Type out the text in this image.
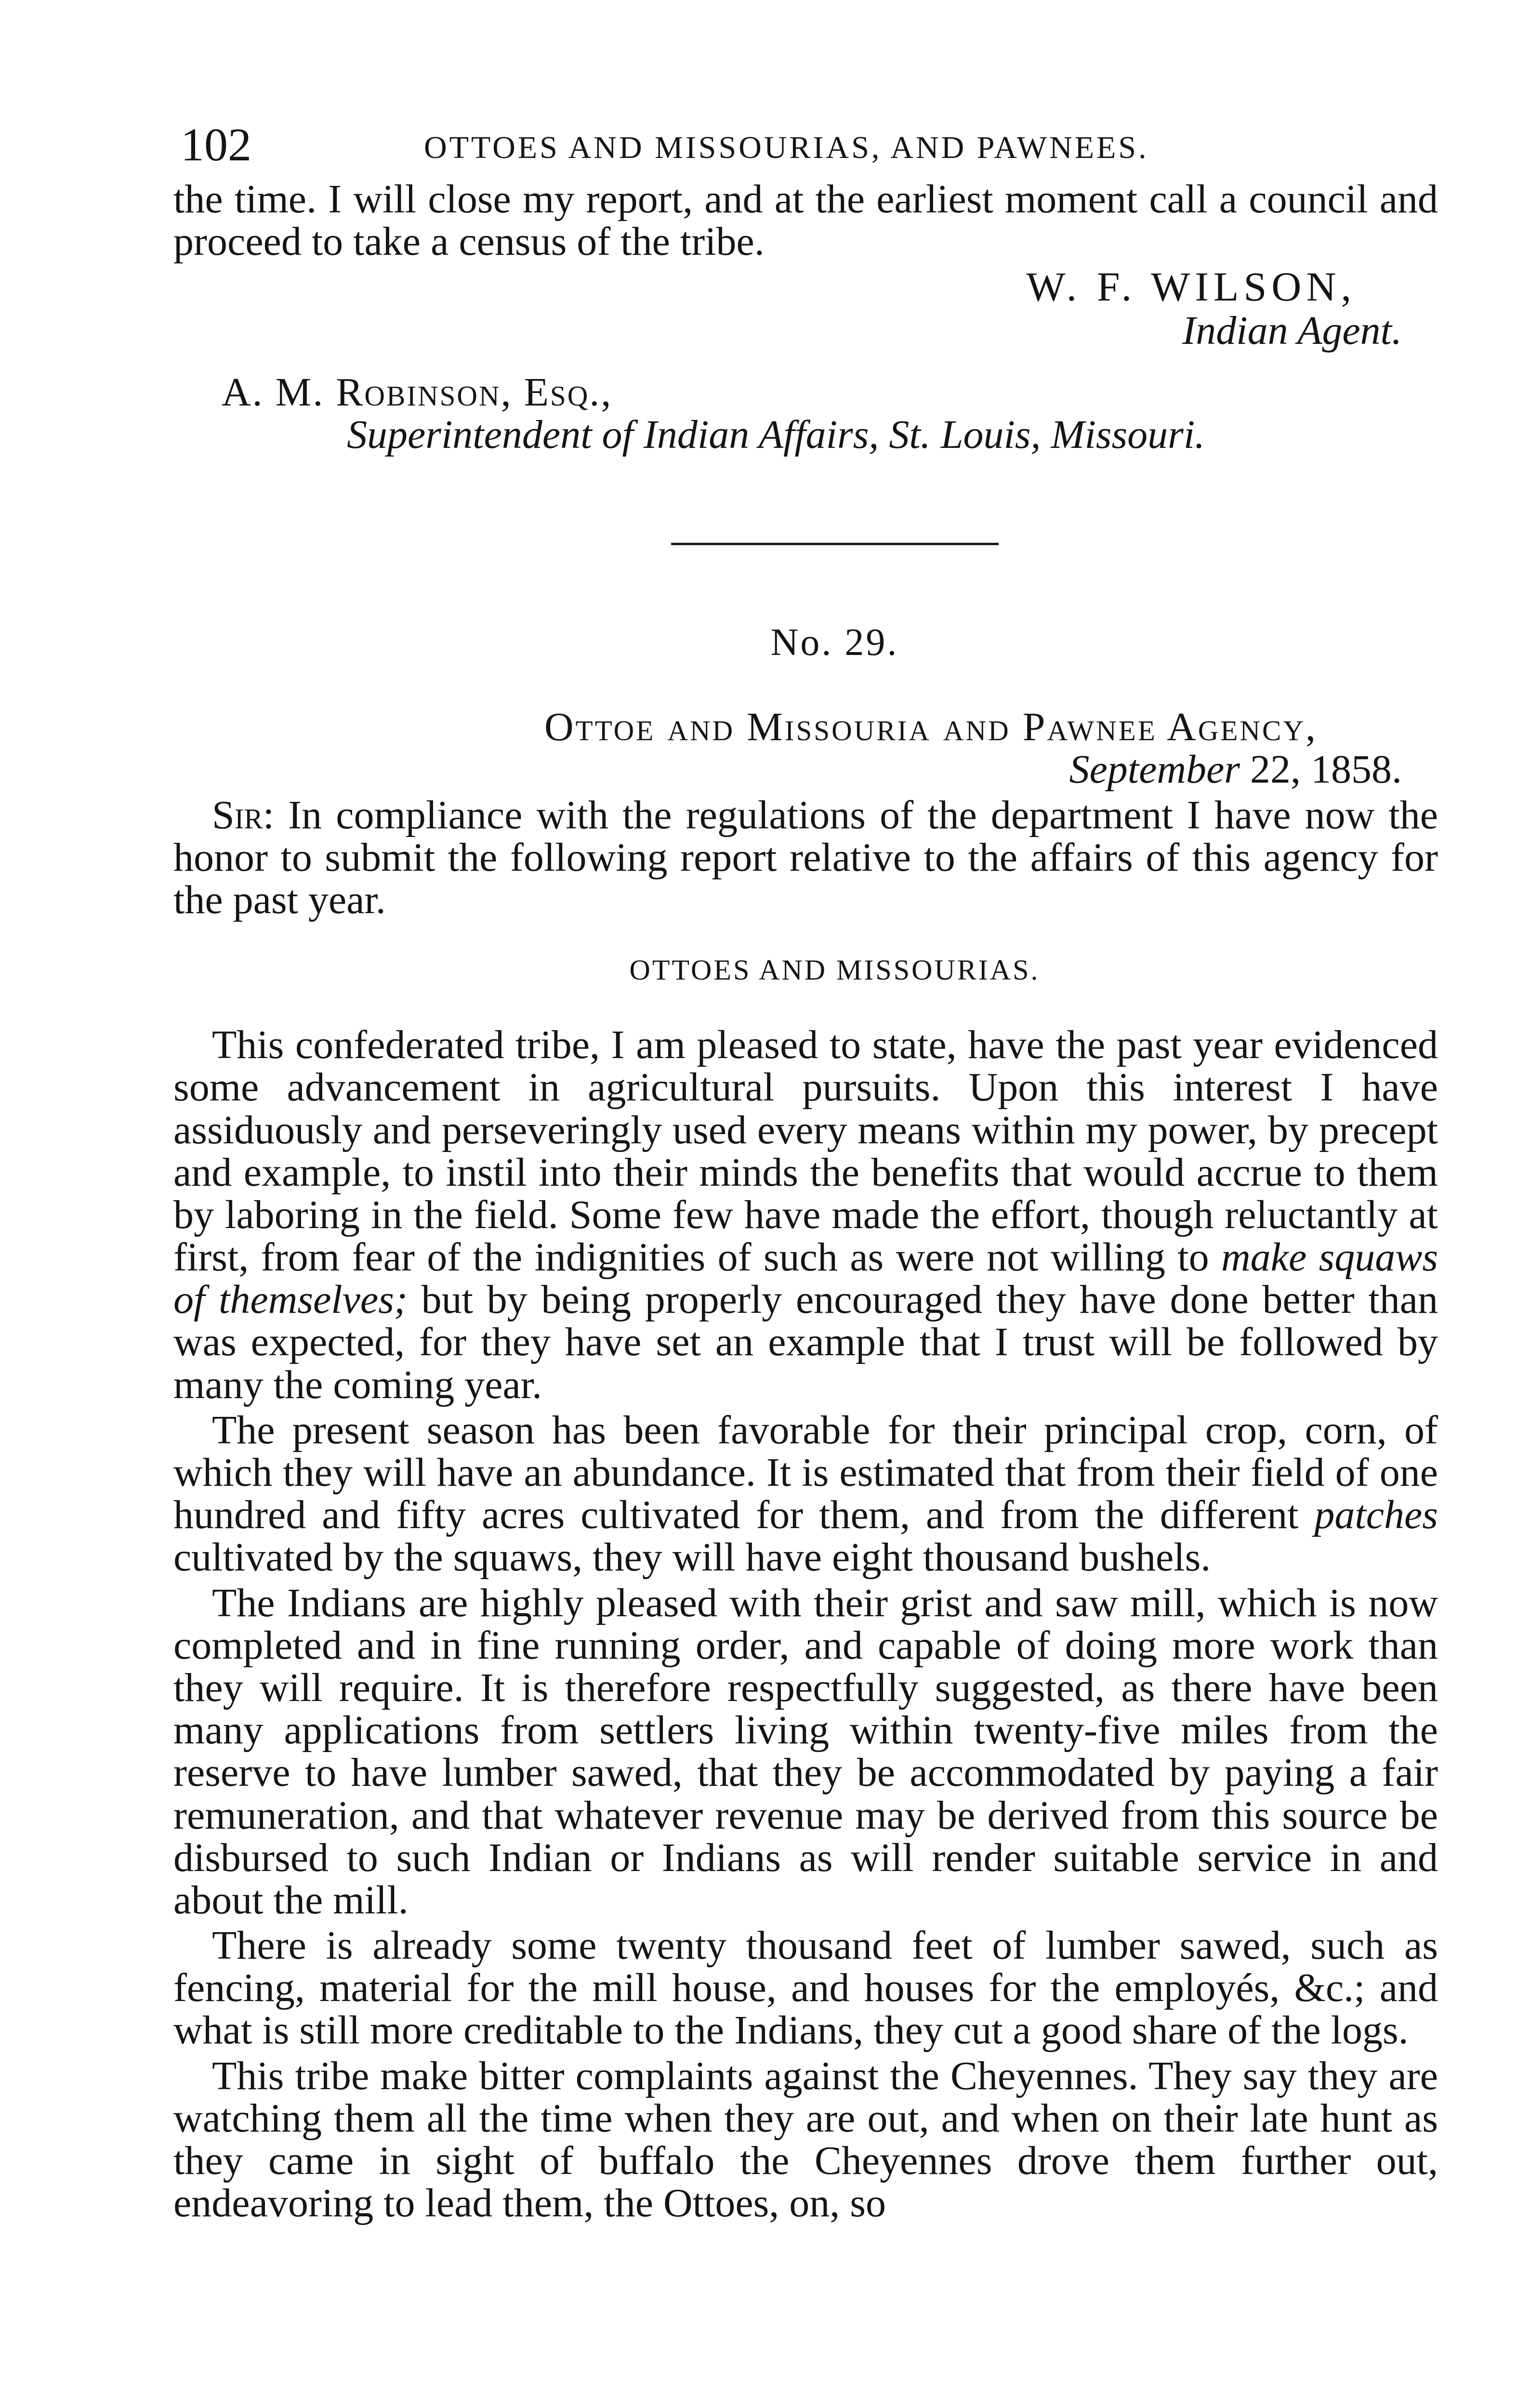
102	OTTOES AND MISSOURIAS, AND PAWNEES.

the time. I will close my report, and at the earliest moment call a council and proceed to take a census of the tribe.

W. F. WILSON,
Indian Agent.
A. M. Robinson, Esq.,
Superintendent of Indian Affairs, St. Louis, Missouri.
No. 29.
Ottoe and Missouria and Pawnee Agency,
September 22, 1858.

Sir: In compliance with the regulations of the department I have now the honor to submit the following report relative to the affairs of this agency for the past year.

OTTOES AND MISSOURIAS.

This confederated tribe, I am pleased to state, have the past year evidenced some advancement in agricultural pursuits. Upon this interest I have assiduously and perseveringly used every means within my power, by precept and example, to instil into their minds the benefits that would accrue to them by laboring in the field. Some few have made the effort, though reluctantly at first, from fear of the indignities of such as were not willing to make squaws of themselves; but by being properly encouraged they have done better than was expected, for they have set an example that I trust will be followed by many the coming year.

The present season has been favorable for their principal crop, corn, of which they will have an abundance. It is estimated that from their field of one hundred and fifty acres cultivated for them, and from the different patches cultivated by the squaws, they will have eight thousand bushels.

The Indians are highly pleased with their grist and saw mill, which is now completed and in fine running order, and capable of doing more work than they will require. It is therefore respectfully suggested, as there have been many applications from settlers living within twenty-five miles from the reserve to have lumber sawed, that they be accommodated by paying a fair remuneration, and that whatever revenue may be derived from this source be disbursed to such Indian or Indians as will render suitable service in and about the mill.

There is already some twenty thousand feet of lumber sawed, such as fencing, material for the mill house, and houses for the employés, &c.; and what is still more creditable to the Indians, they cut a good share of the logs.

This tribe make bitter complaints against the Cheyennes. They say they are watching them all the time when they are out, and when on their late hunt as they came in sight of buffalo the Cheyennes drove them further out, endeavoring to lead them, the Ottoes, on, so
